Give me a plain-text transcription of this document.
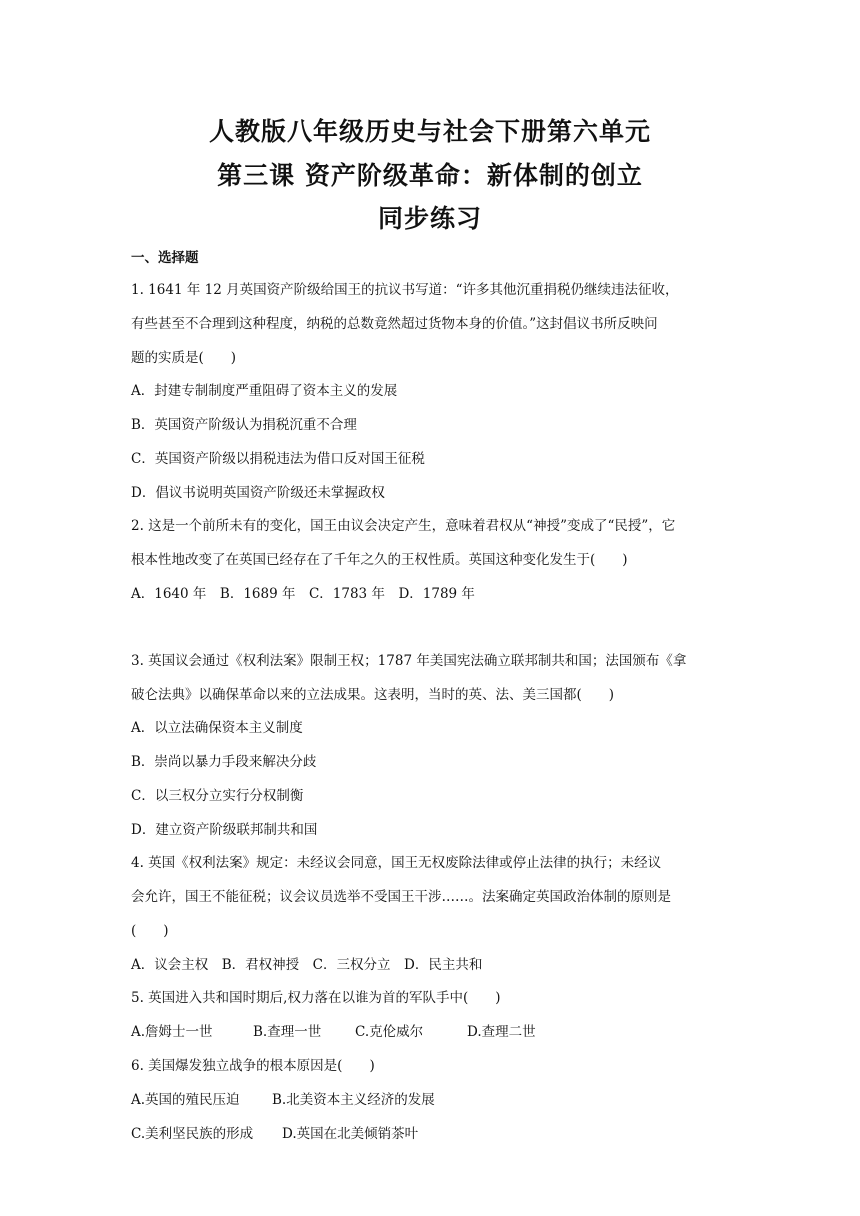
人教版八年级历史与社会下册第六单元
第三课 资产阶级革命：新体制的创立
同步练习

一、选择题

1. 1641 年 12 月英国资产阶级给国王的抗议书写道：“许多其他沉重捐税仍继续违法征收，

有些甚至不合理到这种程度，纳税的总数竟然超过货物本身的价值。”这封倡议书所反映问

题的实质是(　　)

A．封建专制制度严重阻碍了资本主义的发展

B．英国资产阶级认为捐税沉重不合理

C．英国资产阶级以捐税违法为借口反对国王征税

D．倡议书说明英国资产阶级还未掌握政权

2. 这是一个前所未有的变化，国王由议会决定产生，意味着君权从“神授”变成了“民授”，它

根本性地改变了在英国已经存在了千年之久的王权性质。英国这种变化发生于(　　)

A．1640 年　B．1689 年　C．1783 年　D．1789 年

3. 英国议会通过《权利法案》限制王权；1787 年美国宪法确立联邦制共和国；法国颁布《拿

破仑法典》以确保革命以来的立法成果。这表明，当时的英、法、美三国都(　　)

A．以立法确保资本主义制度

B．崇尚以暴力手段来解决分歧

C．以三权分立实行分权制衡

D．建立资产阶级联邦制共和国

4. 英国《权利法案》规定：未经议会同意，国王无权废除法律或停止法律的执行；未经议

会允许，国王不能征税；议会议员选举不受国王干涉……。法案确定英国政治体制的原则是

(　　)

A．议会主权　B．君权神授　C．三权分立　D．民主共和

5. 英国进入共和国时期后,权力落在以谁为首的军队手中(　　)

A.詹姆士一世	B.查理一世	C.克伦威尔	D.查理二世

6. 美国爆发独立战争的根本原因是(　　)

A.英国的殖民压迫 B.北美资本主义经济的发展

C.美利坚民族的形成 D.英国在北美倾销茶叶
